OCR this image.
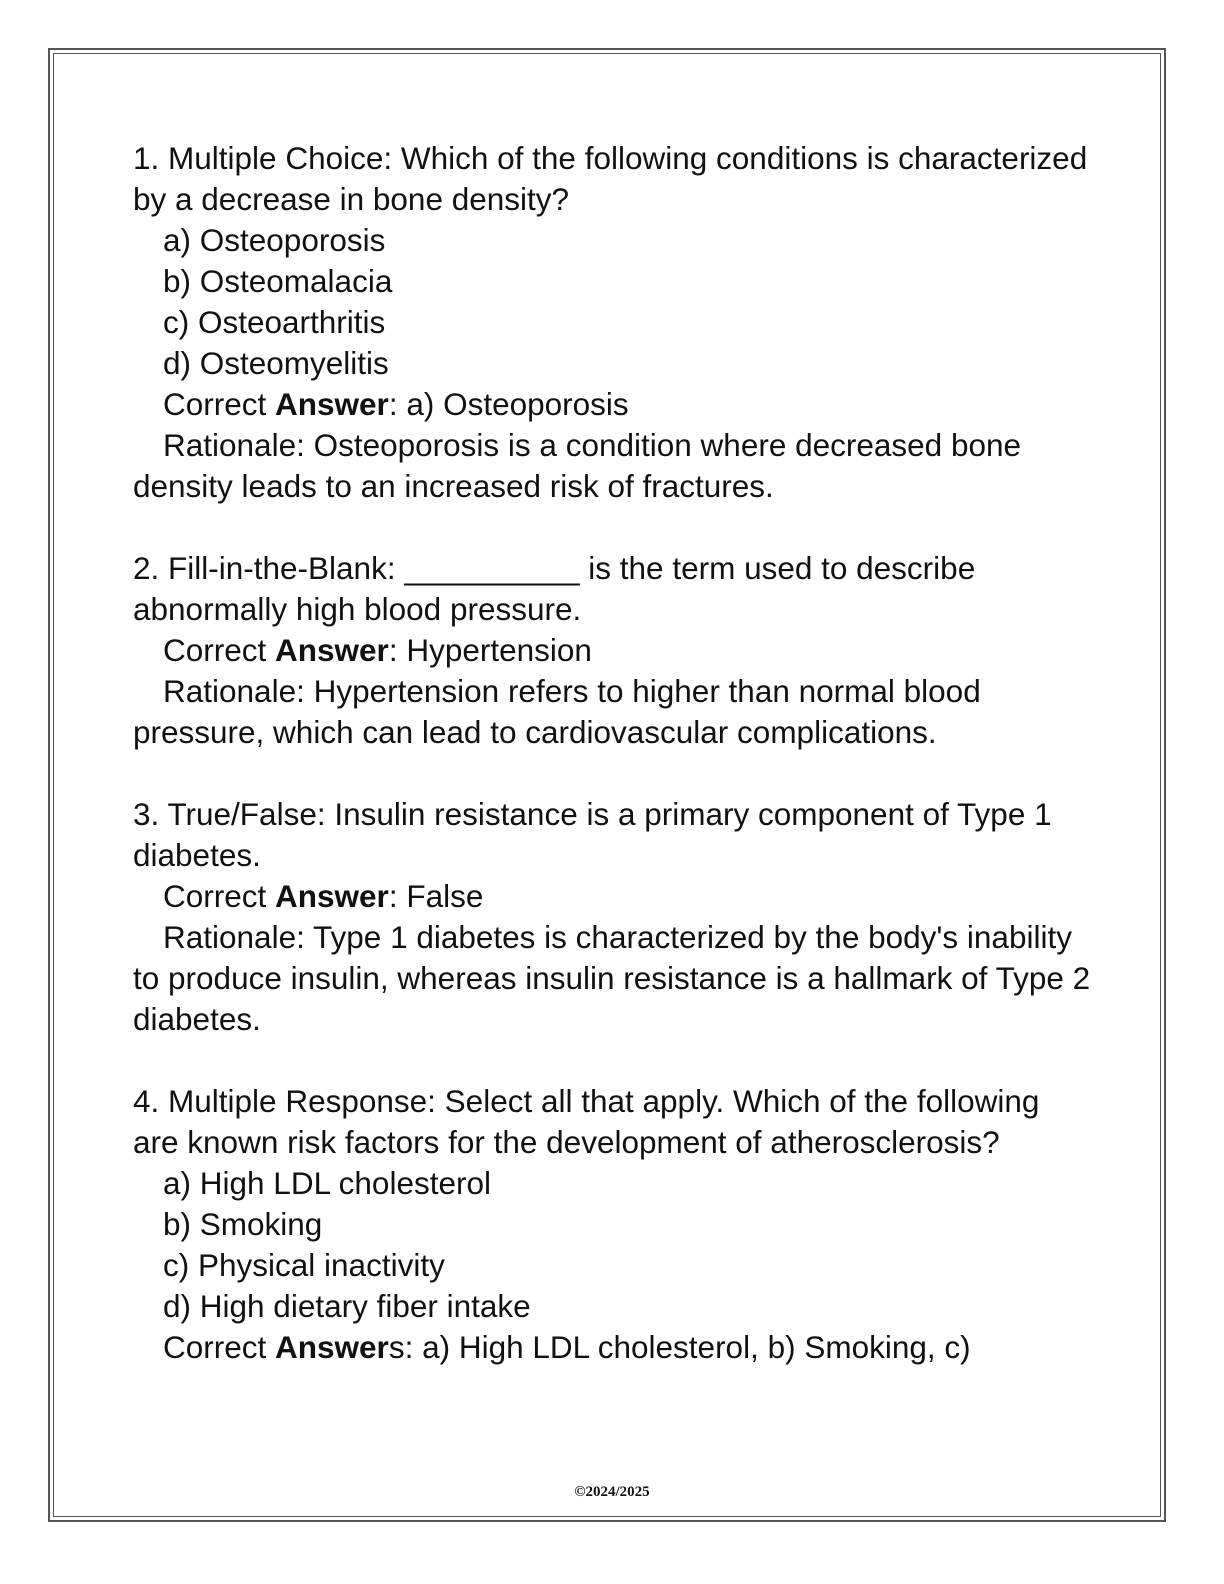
1. Multiple Choice: Which of the following conditions is characterized by a decrease in bone density?

a) Osteoporosis

b) Osteomalacia

c) Osteoarthritis

d) Osteomyelitis

Correct Answer: a) Osteoporosis

Rationale: Osteoporosis is a condition where decreased bone density leads to an increased risk of fractures.

2. Fill-in-the-Blank: __________ is the term used to describe abnormally high blood pressure.

Correct Answer: Hypertension

Rationale: Hypertension refers to higher than normal blood pressure, which can lead to cardiovascular complications.

3. True/False: Insulin resistance is a primary component of Type 1 diabetes.

Correct Answer: False

Rationale: Type 1 diabetes is characterized by the body's inability to produce insulin, whereas insulin resistance is a hallmark of Type 2 diabetes.

4. Multiple Response: Select all that apply. Which of the following are known risk factors for the development of atherosclerosis?

a) High LDL cholesterol

b) Smoking

c) Physical inactivity

d) High dietary fiber intake

Correct Answers: a) High LDL cholesterol, b) Smoking, c)

©2024/2025
